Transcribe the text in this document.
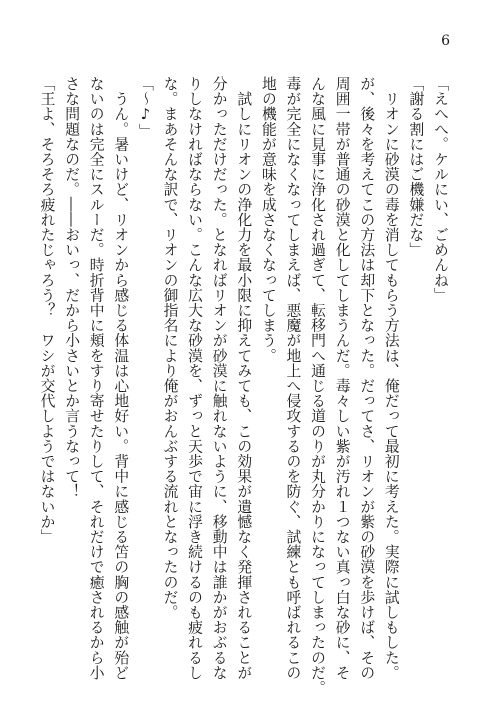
6

「えへへ。ケルにい、ごめんね」

「謝る割にはご機嫌だな」

　リオンに砂漠の毒を消してもらう方法は、俺だって最初に考えた。実際に試しもした。

が、後々を考えてこの方法は却下となった。だってさ、リオンが紫の砂漠を歩けば、その

周囲一帯が普通の砂漠と化してしまうんだ。毒々しい紫が汚れ１つない真っ白な砂に、そ

んな風に見事に浄化され過ぎて、転移門へ通じる道のりが丸分かりになってしまったのだ。

毒が完全になくなってしまえば、悪魔が地上へ侵攻するのを防ぐ、試練とも呼ばれるこの

地の機能が意味を成さなくなってしまう。

　試しにリオンの浄化力を最小限に抑えてみても、この効果が遺憾なく発揮されることが

分かっただけだった。となればリオンが砂漠に触れないように、移動中は誰かがおぶるな

りしなければならない。こんな広大な砂漠を、ずっと天歩で宙に浮き続けるのも疲れるし

な。まあそんな訳で、リオンの御指名により俺がおんぶする流れとなったのだ。

「～♪」

　うん。暑いけど、リオンから感じる体温は心地好い。背中に感じる笘の胸の感触が殆ど

ないのは完全にスルーだ。時折背中に頬をすり寄せたりして、それだけで癒されるから小

さな問題なのだ。――おいっ、だから小さいとか言うなって！

「王よ、そろそろ疲れたじゃろう？　ワシが交代しようではないか」
